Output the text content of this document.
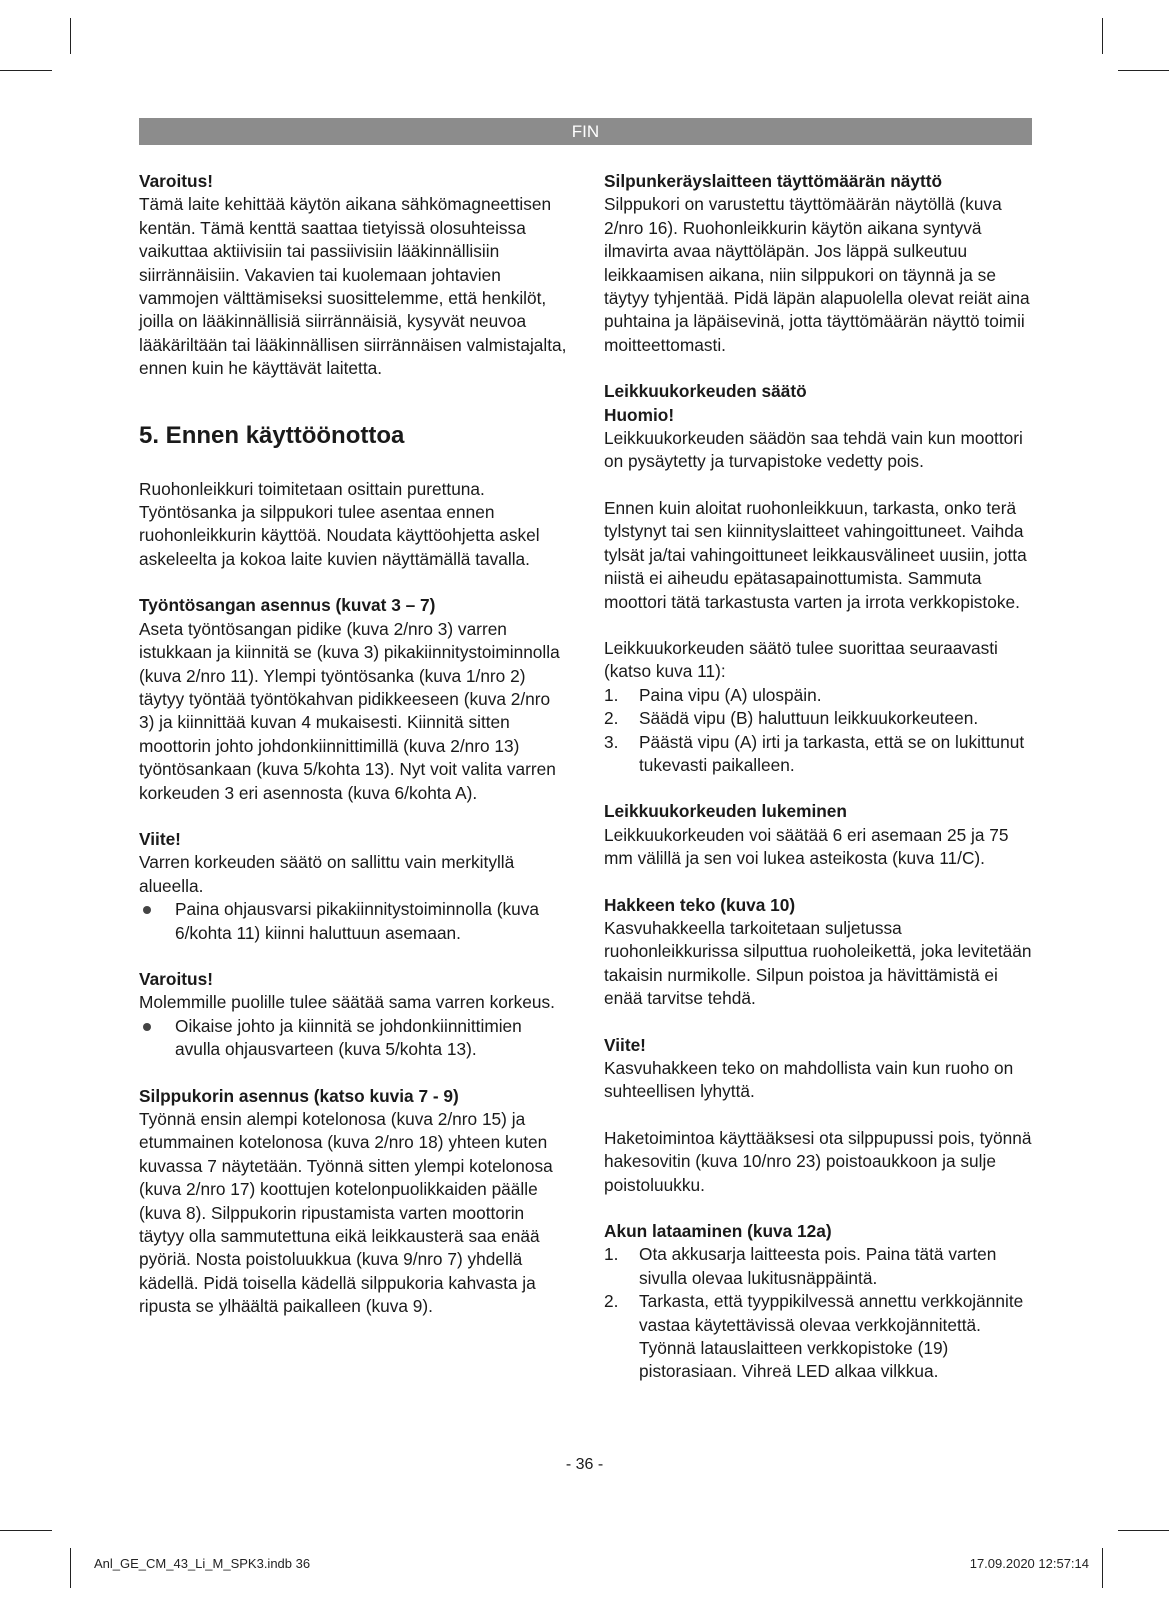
FIN
Varoitus!

Tämä laite kehittää käytön aikana sähkömagneettisen kentän. Tämä kenttä saattaa tietyissä olosuhteissa vaikuttaa aktiivisiin tai passiivisiin lääkinnällisiin siirrännäisiin. Vakavien tai kuolemaan johtavien vammojen välttämiseksi suosittelemme, että henkilöt, joilla on lääkinnällisiä siirrännäisiä, kysyvät neuvoa lääkäriltään tai lääkinnällisen siirrännäisen valmistajalta, ennen kuin he käyttävät laitetta.

5. Ennen käyttöönottoa

Ruohonleikkuri toimitetaan osittain purettuna. Työntösanka ja silppukori tulee asentaa ennen ruohonleikkurin käyttöä. Noudata käyttöohjetta askel askeleelta ja kokoa laite kuvien näyttämällä tavalla.

Työntösangan asennus (kuvat 3 – 7)

Aseta työntösangan pidike (kuva 2/nro 3) varren istukkaan ja kiinnitä se (kuva 3) pikakiinnitystoiminnolla (kuva 2/nro 11). Ylempi työntösanka (kuva 1/nro 2) täytyy työntää työntökahvan pidikkeeseen (kuva 2/nro 3) ja kiinnittää kuvan 4 mukaisesti. Kiinnitä sitten moottorin johto johdonkiinnittimillä (kuva 2/nro 13) työntösankaan (kuva 5/kohta 13). Nyt voit valita varren korkeuden 3 eri asennosta (kuva 6/kohta A).

Viite!

Varren korkeuden säätö on sallittu vain merkityllä alueella.

Paina ohjausvarsi pikakiinnitystoiminnolla (kuva 6/kohta 11) kiinni haluttuun asemaan.
Varoitus!

Molemmille puolille tulee säätää sama varren korkeus.

Oikaise johto ja kiinnitä se johdonkiinnittimien avulla ohjausvarteen (kuva 5/kohta 13).
Silppukorin asennus (katso kuvia 7 - 9)

Työnnä ensin alempi kotelonosa (kuva 2/nro 15) ja etummainen kotelonosa (kuva 2/nro 18) yhteen kuten kuvassa 7 näytetään. Työnnä sitten ylempi kotelonosa (kuva 2/nro 17) koottujen kotelonpuolikkaiden päälle (kuva 8). Silppukorin ripustamista varten moottorin täytyy olla sammutettuna eikä leikkausterä saa enää pyöriä. Nosta poistoluukkua (kuva 9/nro 7) yhdellä kädellä. Pidä toisella kädellä silppukoria kahvasta ja ripusta se ylhäältä paikalleen (kuva 9).

Silpunkeräyslaitteen täyttömäärän näyttö

Silppukori on varustettu täyttömäärän näytöllä (kuva 2/nro 16). Ruohonleikkurin käytön aikana syntyvä ilmavirta avaa näyttöläpän. Jos läppä sulkeutuu leikkaamisen aikana, niin silppukori on täynnä ja se täytyy tyhjentää. Pidä läpän alapuolella olevat reiät aina puhtaina ja läpäisevinä, jotta täyttömäärän näyttö toimii moitteettomasti.

Leikkuukorkeuden säätö
Huomio!

Leikkuukorkeuden säädön saa tehdä vain kun moottori on pysäytetty ja turvapistoke vedetty pois.

Ennen kuin aloitat ruohonleikkuun, tarkasta, onko terä tylstynyt tai sen kiinnityslaitteet vahingoittuneet. Vaihda tylsät ja/tai vahingoittuneet leikkausvälineet uusiin, jotta niistä ei aiheudu epätasapainottumista. Sammuta moottori tätä tarkastusta varten ja irrota verkkopistoke.

Leikkuukorkeuden säätö tulee suorittaa seuraavasti (katso kuva 11):

1. Paina vipu (A) ulospäin.
2. Säädä vipu (B) haluttuun leikkuukorkeuteen.
3. Päästä vipu (A) irti ja tarkasta, että se on lukittunut tukevasti paikalleen.
Leikkuukorkeuden lukeminen

Leikkuukorkeuden voi säätää 6 eri asemaan 25 ja 75 mm välillä ja sen voi lukea asteikosta (kuva 11/C).

Hakkeen teko (kuva 10)

Kasvuhakkeella tarkoitetaan suljetussa ruohonleikkurissa silputtua ruoholeikettä, joka levitetään takaisin nurmikolle. Silpun poistoa ja hävittämistä ei enää tarvitse tehdä.

Viite!

Kasvuhakkeen teko on mahdollista vain kun ruoho on suhteellisen lyhyttä.

Haketoimintoa käyttääksesi ota silppupussi pois, työnnä hakesovitin (kuva 10/nro 23) poistoaukkoon ja sulje poistoluukku.

Akun lataaminen (kuva 12a)
1. Ota akkusarja laitteesta pois. Paina tätä varten sivulla olevaa lukitusnäppäintä.
2. Tarkasta, että tyyppikilvessä annettu verkkojännite vastaa käytettävissä olevaa verkkojännitettä. Työnnä latauslaitteen verkkopistoke (19) pistorasiaan. Vihreä LED alkaa vilkkua.
- 36 -
Anl_GE_CM_43_Li_M_SPK3.indb 36	17.09.2020 12:57:14
